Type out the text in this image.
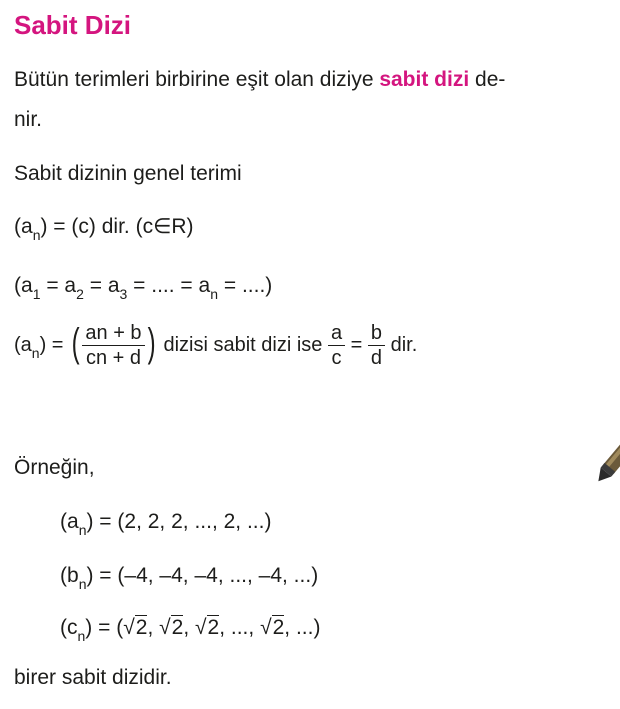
Sabit Dizi
Bütün terimleri birbirine eşit olan diziye sabit dizi de-
nir.
Sabit dizinin genel terimi
$(a_n) = (c)$ dir. (c∈R)
($a_1 = a_2 = a_3$ = .... = $a_n$ = ....)
$(a_n)$ = ( $\frac{an + b}{cn + d}$ ) dizisi sabit dizi ise $\frac{a}{c} = \frac{b}{d}$ dir.
Örneğin,
$(a_n) = (2$, 2, 2, ..., 2, ...)
$(b_n) = (-4$, –4, –4, ..., –4, ...)
$(c_n) = (√2$, √2, √2, ..., √2, ...)
birer sabit dizidir.
